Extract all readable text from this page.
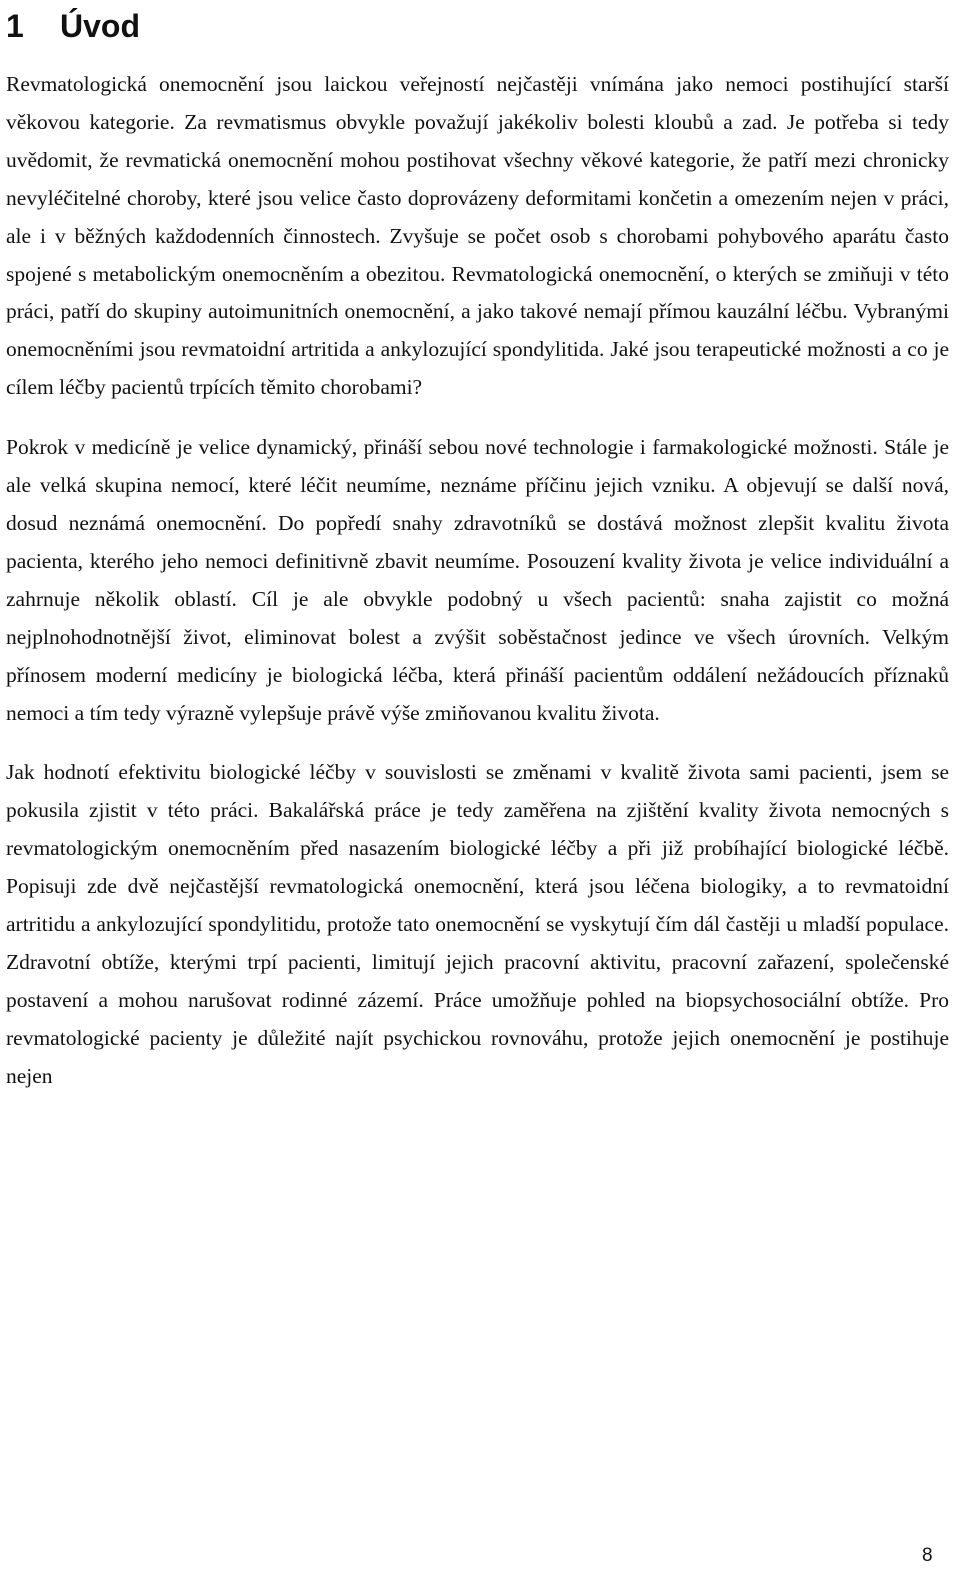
1 Úvod

Revmatologická onemocnění jsou laickou veřejností nejčastěji vnímána jako nemoci postihující starší věkovou kategorie. Za revmatismus obvykle považují jakékoliv bolesti kloubů a zad. Je potřeba si tedy uvědomit, že revmatická onemocnění mohou postihovat všechny věkové kategorie, že patří mezi chronicky nevyléčitelné choroby, které jsou velice často doprovázeny deformitami končetin a omezením nejen v práci, ale i v běžných každodenních činnostech. Zvyšuje se počet osob s chorobami pohybového aparátu často spojené s metabolickým onemocněním a obezitou. Revmatologická onemocnění, o kterých se zmiňuji v této práci, patří do skupiny autoimunitních onemocnění, a jako takové nemají přímou kauzální léčbu. Vybranými onemocněními jsou revmatoidní artritida a ankylozující spondylitida. Jaké jsou terapeutické možnosti a co je cílem léčby pacientů trpících těmito chorobami?

Pokrok v medicíně je velice dynamický, přináší sebou nové technologie i farmakologické možnosti. Stále je ale velká skupina nemocí, které léčit neumíme, neznáme příčinu jejich vzniku. A objevují se další nová, dosud neznámá onemocnění. Do popředí snahy zdravotníků se dostává možnost zlepšit kvalitu života pacienta, kterého jeho nemoci definitivně zbavit neumíme. Posouzení kvality života je velice individuální a zahrnuje několik oblastí. Cíl je ale obvykle podobný u všech pacientů: snaha zajistit co možná nejplnohodnotnější život, eliminovat bolest a zvýšit soběstačnost jedince ve všech úrovních. Velkým přínosem moderní medicíny je biologická léčba, která přináší pacientům oddálení nežádoucích příznaků nemoci a tím tedy výrazně vylepšuje právě výše zmiňovanou kvalitu života.

Jak hodnotí efektivitu biologické léčby v souvislosti se změnami v kvalitě života sami pacienti, jsem se pokusila zjistit v této práci. Bakalářská práce je tedy zaměřena na zjištění kvality života nemocných s revmatologickým onemocněním před nasazením biologické léčby a při již probíhající biologické léčbě. Popisuji zde dvě nejčastější revmatologická onemocnění, která jsou léčena biologiky, a to revmatoidní artritidu a ankylozující spondylitidu, protože tato onemocnění se vyskytují čím dál častěji u mladší populace. Zdravotní obtíže, kterými trpí pacienti, limitují jejich pracovní aktivitu, pracovní zařazení, společenské postavení a mohou narušovat rodinné zázemí. Práce umožňuje pohled na biopsychosociální obtíže. Pro revmatologické pacienty je důležité najít psychickou rovnováhu, protože jejich onemocnění je postihuje nejen

8
